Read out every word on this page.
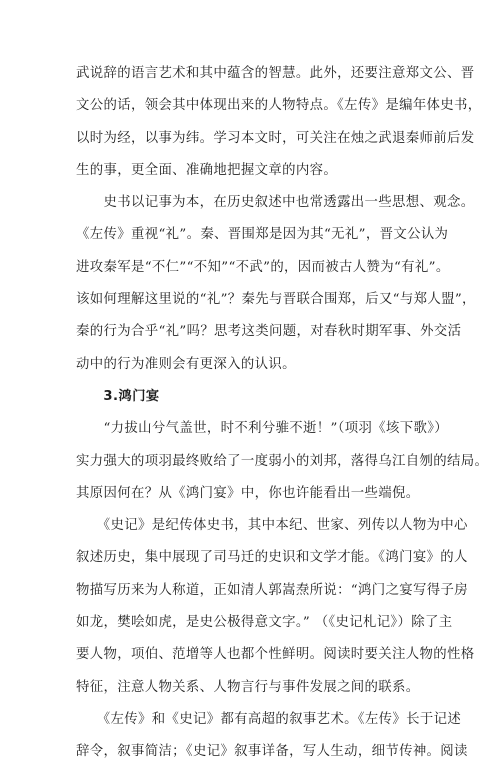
武说辞的语言艺术和其中蕴含的智慧。此外，还要注意郑文公、晋
文公的话，领会其中体现出来的人物特点。《左传》是编年体史书，
以时为经，以事为纬。学习本文时，可关注在烛之武退秦师前后发
生的事，更全面、准确地把握文章的内容。
　　史书以记事为本，在历史叙述中也常透露出一些思想、观念。
《左传》重视“礼”。秦、晋围郑是因为其“无礼”，晋文公认为
进攻秦军是“不仁”“不知”“不武”的，因而被古人赞为“有礼”。
该如何理解这里说的“礼”？秦先与晋联合围郑，后又“与郑人盟”，
秦的行为合乎“礼”吗？思考这类问题，对春秋时期军事、外交活
动中的行为准则会有更深入的认识。
　　3.鸿门宴
　　“力拔山兮气盖世，时不利兮骓不逝！”（项羽《垓下歌》）
实力强大的项羽最终败给了一度弱小的刘邦，落得乌江自刎的结局。
其原因何在？从《鸿门宴》中，你也许能看出一些端倪。
　　《史记》是纪传体史书，其中本纪、世家、列传以人物为中心
叙述历史，集中展现了司马迁的史识和文学才能。《鸿门宴》的人
物描写历来为人称道，正如清人郭嵩焘所说：“鸿门之宴写得子房
如龙，樊哙如虎，是史公极得意文字。” （《史记札记》）除了主
要人物，项伯、范增等人也都个性鲜明。阅读时要关注人物的性格
特征，注意人物关系、人物言行与事件发展之间的联系。
　　《左传》和《史记》都有高超的叙事艺术。《左传》长于记述
辞令，叙事简洁；《史记》叙事详备，写人生动，细节传神。阅读
